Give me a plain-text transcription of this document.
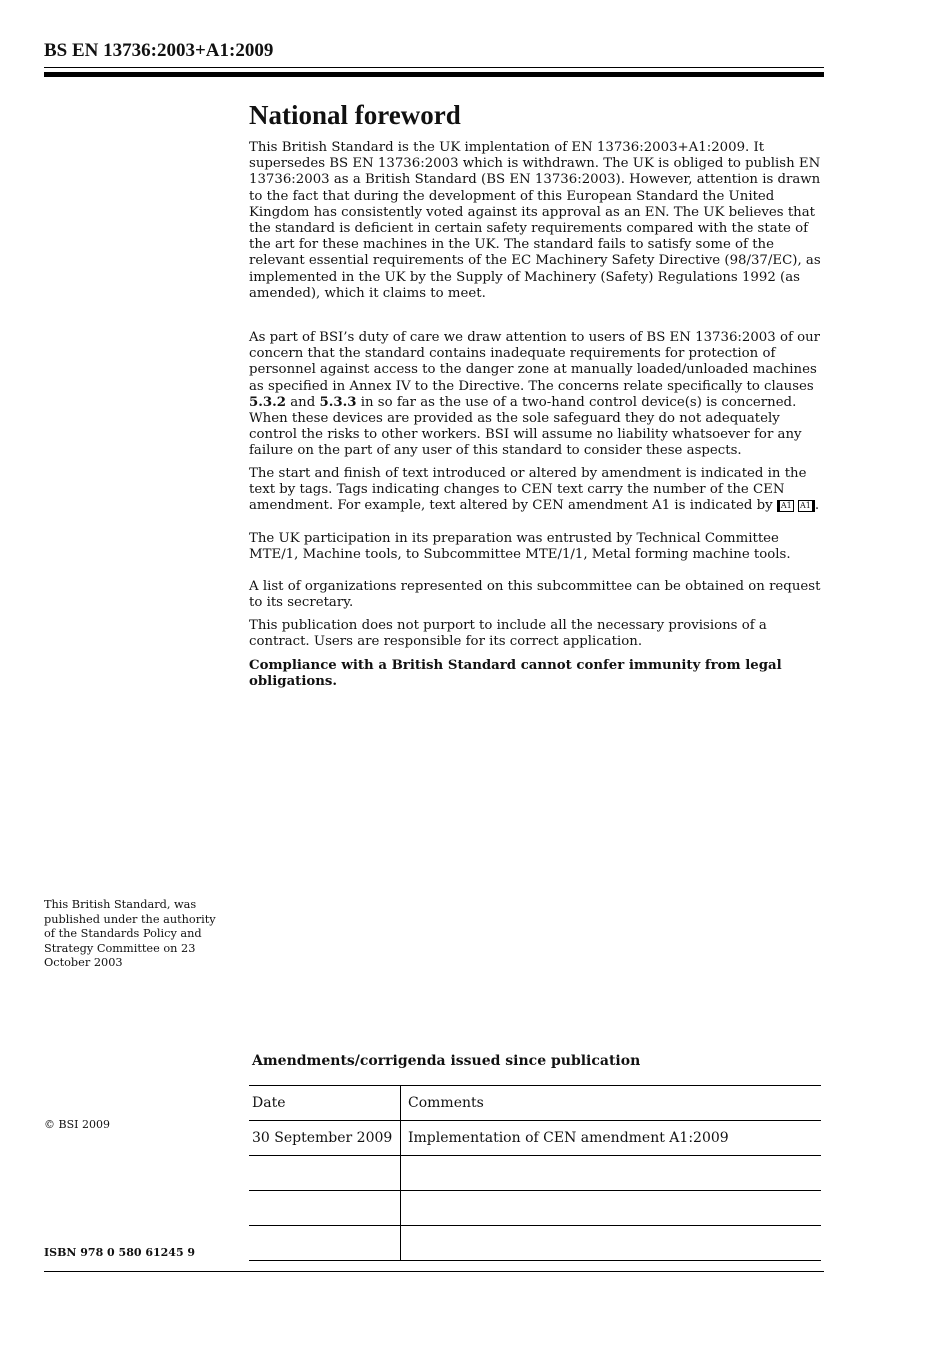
BS EN 13736:2003+A1:2009
National foreword

This British Standard is the UK implentation of EN 13736:2003+A1:2009. It supersedes BS EN 13736:2003 which is withdrawn. The UK is obliged to publish EN 13736:2003 as a British Standard (BS EN 13736:2003). However, attention is drawn to the fact that during the development of this European Standard the United Kingdom has consistently voted against its approval as an EN. The UK believes that the standard is deficient in certain safety requirements compared with the state of the art for these machines in the UK. The standard fails to satisfy some of the relevant essential requirements of the EC Machinery Safety Directive (98/37/EC), as implemented in the UK by the Supply of Machinery (Safety) Regulations 1992 (as amended), which it claims to meet.

As part of BSI’s duty of care we draw attention to users of BS EN 13736:2003 of our concern that the standard contains inadequate requirements for protection of personnel against access to the danger zone at manually loaded/unloaded machines as specified in Annex IV to the Directive. The concerns relate specifically to clauses 5.3.2 and 5.3.3 in so far as the use of a two-hand control device(s) is concerned. When these devices are provided as the sole safeguard they do not adequately control the risks to other workers. BSI will assume no liability whatsoever for any failure on the part of any user of this standard to consider these aspects.

The start and finish of text introduced or altered by amendment is indicated in the text by tags. Tags indicating changes to CEN text carry the number of the CEN amendment. For example, text altered by CEN amendment A1 is indicated by A1 A1 .

The UK participation in its preparation was entrusted by Technical Committee MTE/1, Machine tools, to Subcommittee MTE/1/1, Metal forming machine tools.

A list of organizations represented on this subcommittee can be obtained on request to its secretary.

This publication does not purport to include all the necessary provisions of a contract. Users are responsible for its correct application.

Compliance with a British Standard cannot confer immunity from legal obligations.

This British Standard, was published under the authority of the Standards Policy and Strategy Committee on 23 October 2003
Amendments/corrigenda issued since publication
Date	Comments
30 September 2009	Implementation of CEN amendment A1:2009

© BSI 2009
ISBN 978 0 580 61245 9
